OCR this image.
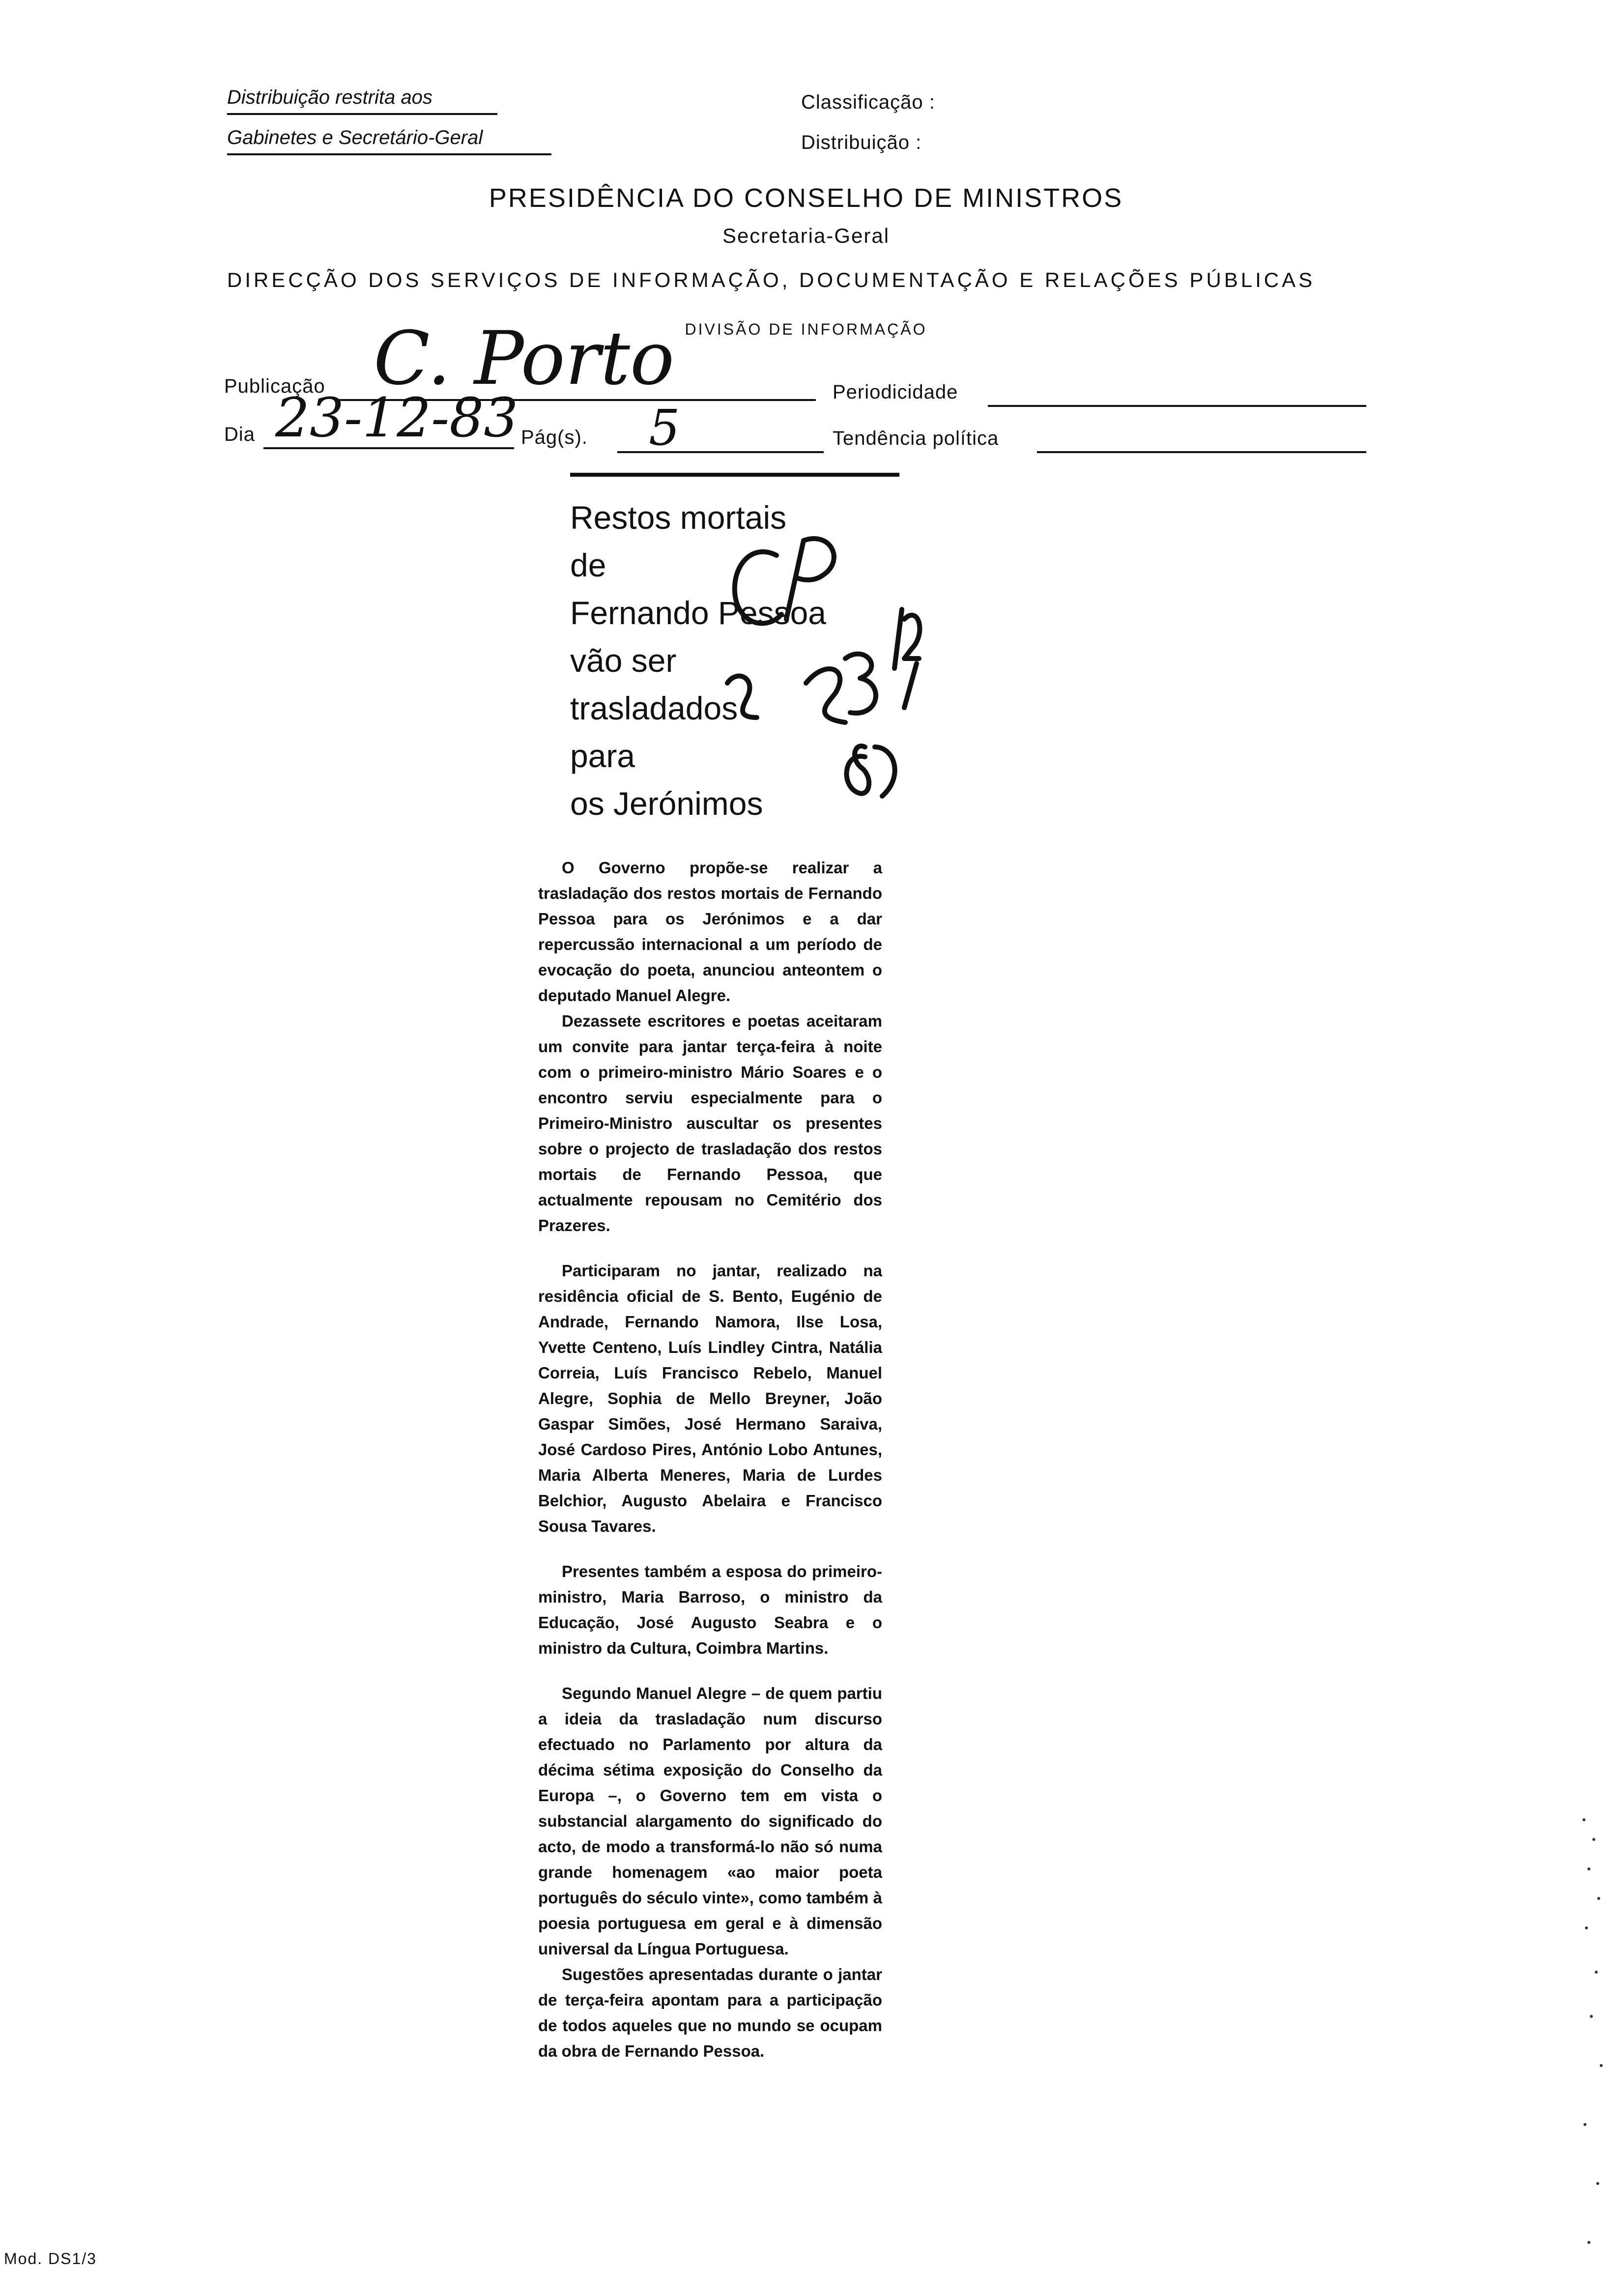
Distribuição restrita aos
Gabinetes e Secretário-Geral
Classificação :
Distribuição :
PRESIDÊNCIA DO CONSELHO DE MINISTROS
Secretaria-Geral
DIRECÇÃO DOS SERVIÇOS DE INFORMAÇÃO, DOCUMENTAÇÃO E RELAÇÕES PÚBLICAS
DIVISÃO DE INFORMAÇÃO
Publicação C. Porto	Periodicidade
Dia 23-12-83 Pág(s). 5	Tendência política
Restos mortais
de
Fernando Pessoa
vão ser
trasladados
para
os Jerónimos

O Governo propõe-se realizar a trasladação dos restos mortais de Fernando Pessoa para os Jerónimos e a dar repercussão internacional a um período de evocação do poeta, anunciou anteontem o deputado Manuel Alegre.

Dezassete escritores e poetas aceitaram um convite para jantar terça-feira à noite com o primeiro-ministro Mário Soares e o encontro serviu especialmente para o Primeiro-Ministro auscultar os presentes sobre o projecto de trasladação dos restos mortais de Fernando Pessoa, que actualmente repousam no Cemitério dos Prazeres.

Participaram no jantar, realizado na residência oficial de S. Bento, Eugénio de Andrade, Fernando Namora, Ilse Losa, Yvette Centeno, Luís Lindley Cintra, Natália Correia, Luís Francisco Rebelo, Manuel Alegre, Sophia de Mello Breyner, João Gaspar Simões, José Hermano Saraiva, José Cardoso Pires, António Lobo Antunes, Maria Alberta Meneres, Maria de Lurdes Belchior, Augusto Abelaira e Francisco Sousa Tavares.

Presentes também a esposa do primeiro-ministro, Maria Barroso, o ministro da Educação, José Augusto Seabra e o ministro da Cultura, Coimbra Martins.

Segundo Manuel Alegre – de quem partiu a ideia da trasladação num discurso efectuado no Parlamento por altura da décima sétima exposição do Conselho da Europa –, o Governo tem em vista o substancial alargamento do significado do acto, de modo a transformá-lo não só numa grande homenagem «ao maior poeta português do século vinte», como também à poesia portuguesa em geral e à dimensão universal da Língua Portuguesa.

Sugestões apresentadas durante o jantar de terça-feira apontam para a participação de todos aqueles que no mundo se ocupam da obra de Fernando Pessoa.

Mod. DS1/3
